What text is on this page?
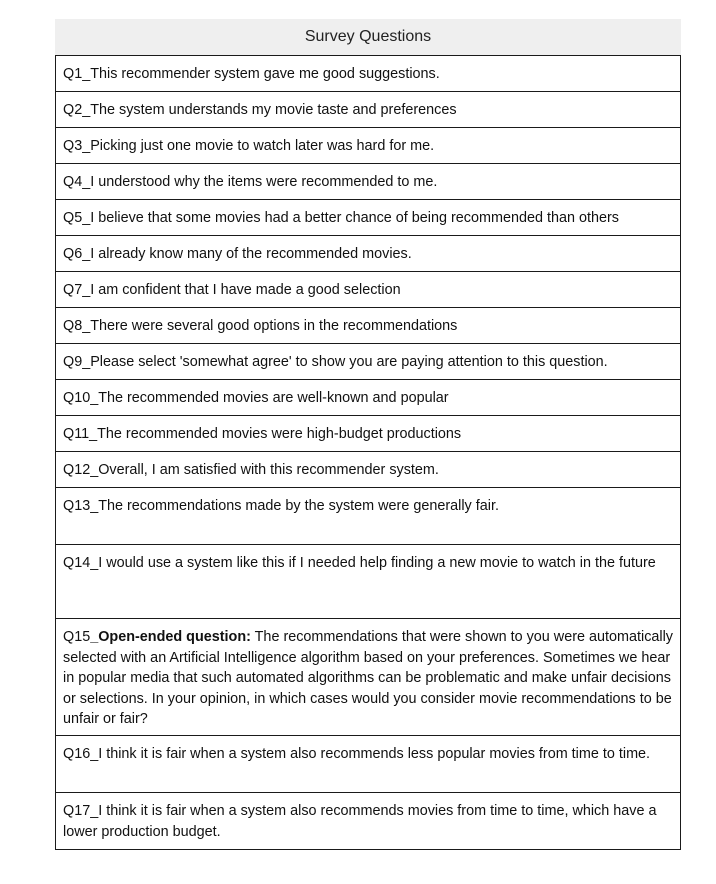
Survey Questions
Q1_This recommender system gave me good suggestions.
Q2_The system understands my movie taste and preferences
Q3_Picking just one movie to watch later was hard for me.
Q4_I understood why the items were recommended to me.
Q5_I believe that some movies had a better chance of being recommended than others
Q6_I already know many of the recommended movies.
Q7_I am confident that I have made a good selection
Q8_There were several good options in the recommendations
Q9_Please select 'somewhat agree' to show you are paying attention to this question.
Q10_The recommended movies are well-known and popular
Q11_The recommended movies were high-budget productions
Q12_Overall, I am satisfied with this recommender system.
Q13_The recommendations made by the system were generally fair.
Q14_I would use a system like this if I needed help finding a new movie to watch in the future
Q15_Open-ended question: The recommendations that were shown to you were automatically selected with an Artificial Intelligence algorithm based on your preferences. Sometimes we hear in popular media that such automated algorithms can be problematic and make unfair decisions or selections. In your opinion, in which cases would you consider movie recommendations to be unfair or fair?
Q16_I think it is fair when a system also recommends less popular movies from time to time.
Q17_I think it is fair when a system also recommends movies from time to time, which have a lower production budget.
